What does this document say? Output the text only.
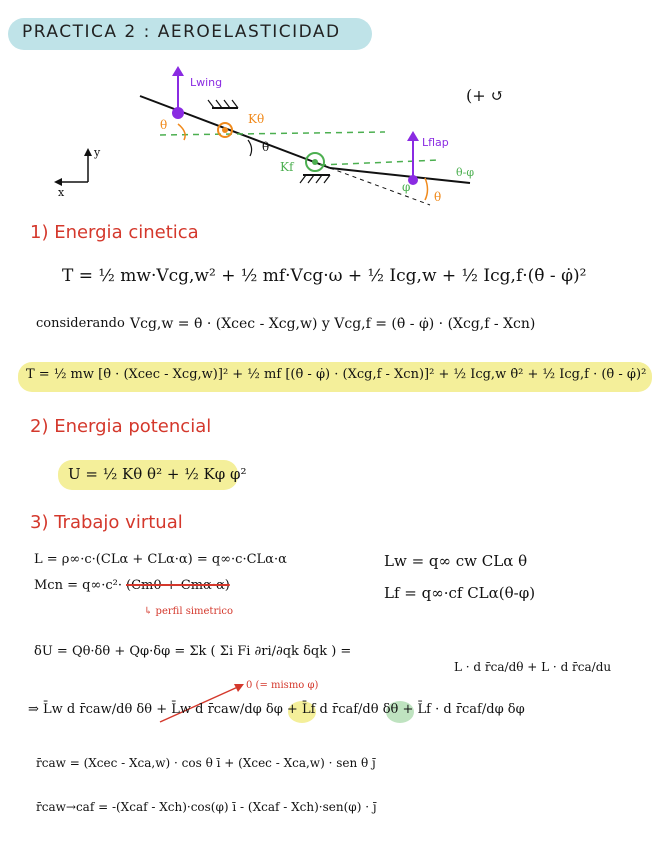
PRACTICA 2 : AEROELASTICIDAD
Lwing
Kθ
θ
θ	Lflap
Kf	θ-φ
φ
θ
y
x
(+ ↺
1) Energia cinetica
T = ½ mw·Vcg,w² + ½ mf·Vcg·ω + ½ Icg,w + ½ Icg,f·(θ̇ - φ̇)²
considerando Vcg,w = θ̇ · (Xcec - Xcg,w) y Vcg,f = (θ̇ - φ̇) · (Xcg,f - Xcn)
T = ½ mw [θ̇ · (Xcec - Xcg,w)]² + ½ mf [(θ̇ - φ̇) · (Xcg,f - Xcn)]² + ½ Icg,w θ̇² + ½ Icg,f · (θ̇ - φ̇)²
2) Energia potencial
U = ½ Kθ θ² + ½ Kφ φ²
3) Trabajo virtual
L = ρ∞·c·(CLα + CLα·α) = q∞·c·CLα·α
Mcn = q∞·c²· (Cm0 + Cmα·α)
↳ perfil simetrico
Lw = q∞ cw CLα θ
Lf = q∞·cf CLα(θ-φ)
δU = Qθ·δθ + Qφ·δφ = Σk ( Σi Fi ∂ri/∂qk δqk ) =
L · d r̄ca/dθ + L · d r̄ca/du
0 (= mismo φ)
⇒ L̄w d r̄caw/dθ δθ + L̄w d r̄caw/dφ δφ + L̄f d r̄caf/dθ δθ + L̄f · d r̄caf/dφ δφ
r̄caw = (Xcec - Xca,w) · cos θ ī + (Xcec - Xca,w) · sen θ j̄
r̄caw→caf = -(Xcaf - Xch)·cos(φ) ī - (Xcaf - Xch)·sen(φ) · j̄
